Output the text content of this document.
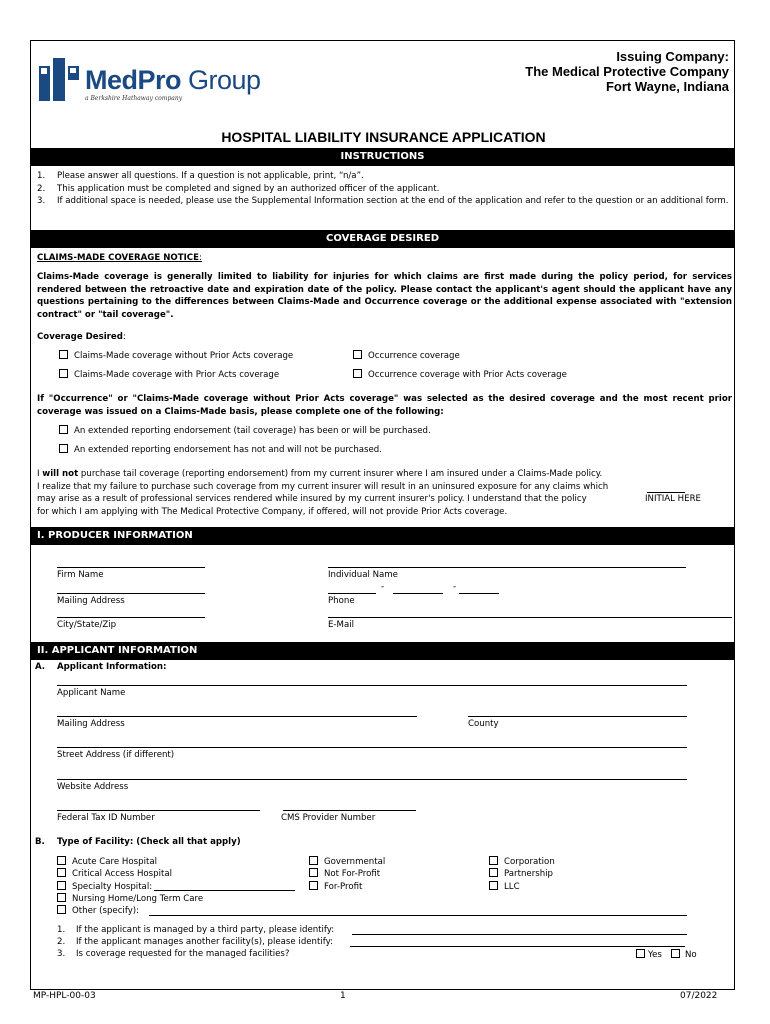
MedPro Group
a Berkshire Hathaway company
Issuing Company:
The Medical Protective Company
Fort Wayne, Indiana
HOSPITAL LIABILITY INSURANCE APPLICATION
INSTRUCTIONS
1.	Please answer all questions. If a question is not applicable, print, “n/a”.
2.	This application must be completed and signed by an authorized officer of the applicant.
3.	If additional space is needed, please use the Supplemental Information section at the end of the application and refer to the question or an additional form.
COVERAGE DESIRED
CLAIMS-MADE COVERAGE NOTICE:
Claims-Made coverage is generally limited to liability for injuries for which claims are first made during the policy period, for services rendered between the retroactive date and expiration date of the policy. Please contact the applicant's agent should the applicant have any questions pertaining to the differences between Claims-Made and Occurrence coverage or the additional expense associated with "extension contract" or "tail coverage".
Coverage Desired:
Claims-Made coverage without Prior Acts coverage	Occurrence coverage
Claims-Made coverage with Prior Acts coverage	Occurrence coverage with Prior Acts coverage
If "Occurrence" or "Claims-Made coverage without Prior Acts coverage" was selected as the desired coverage and the most recent prior coverage was issued on a Claims-Made basis, please complete one of the following:
An extended reporting endorsement (tail coverage) has been or will be purchased.
An extended reporting endorsement has not and will not be purchased.
I will not purchase tail coverage (reporting endorsement) from my current insurer where I am insured under a Claims-Made policy.
I realize that my failure to purchase such coverage from my current insurer will result in an uninsured exposure for any claims which
may arise as a result of professional services rendered while insured by my current insurer's policy. I understand that the policy
for which I am applying with The Medical Protective Company, if offered, will not provide Prior Acts coverage.
INITIAL HERE
I. PRODUCER INFORMATION
Firm Name	Individual Name
-	-
Mailing Address	Phone
City/State/Zip	E-Mail
II. APPLICANT INFORMATION
A. Applicant Information:
Applicant Name
Mailing Address	County
Street Address (if different)
Website Address
Federal Tax ID Number	CMS Provider Number
B. Type of Facility: (Check all that apply)
Acute Care Hospital
Critical Access Hospital
Specialty Hospital:
Nursing Home/Long Term Care
Other (specify):
Governmental
Not For-Profit
For-Profit
Corporation
Partnership
LLC
1. If the applicant is managed by a third party, please identify:
2. If the applicant manages another facility(s), please identify:
3. Is coverage requested for the managed facilities?	Yes	No
MP-HPL-00-03	1	07/2022
